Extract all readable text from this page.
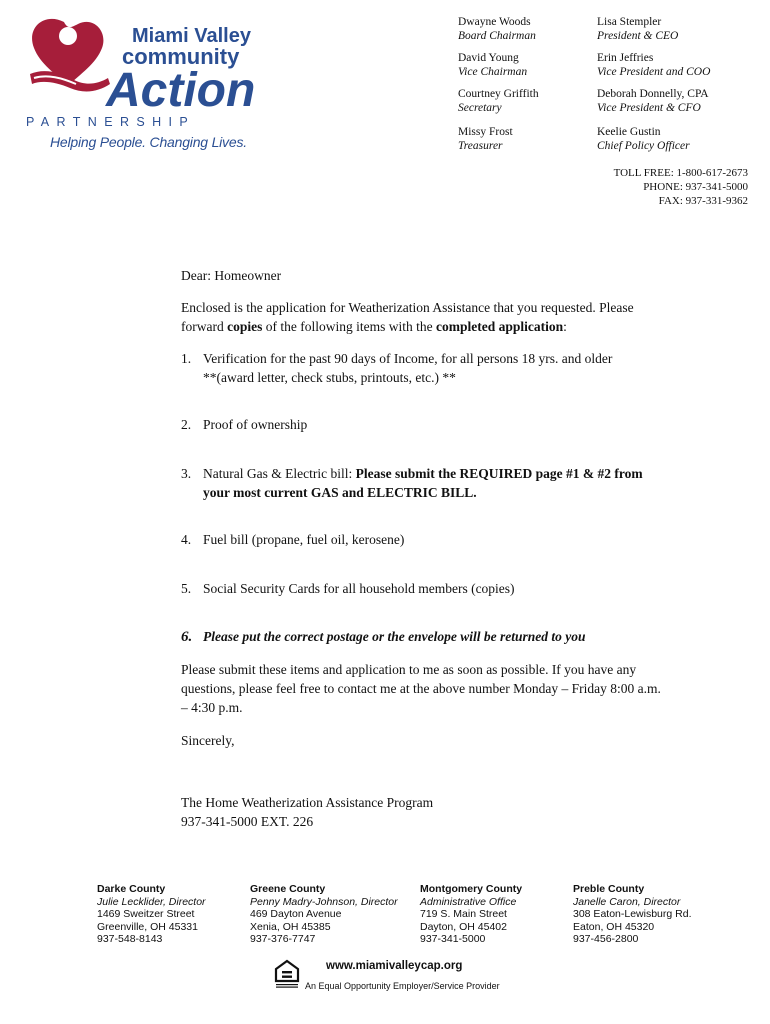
Miami Valley
community
Action
PARTNERSHIP
Helping People. Changing Lives.
Dwayne Woods
Board Chairman
Lisa Stempler
President & CEO
David Young
Vice Chairman
Erin Jeffries
Vice President and COO
Courtney Griffith
Secretary
Deborah Donnelly, CPA
Vice President & CFO
Missy Frost
Treasurer
Keelie Gustin
Chief Policy Officer
TOLL FREE: 1-800-617-2673
PHONE: 937-341-5000
FAX: 937-331-9362
Dear: Homeowner
Enclosed is the application for Weatherization Assistance that you requested. Please
forward copies of the following items with the completed application:
1. Verification for the past 90 days of Income, for all persons 18 yrs. and older
**(award letter, check stubs, printouts, etc.) **
2. Proof of ownership
3. Natural Gas & Electric bill: Please submit the REQUIRED page #1 & #2 from
your most current GAS and ELECTRIC BILL.
4. Fuel bill (propane, fuel oil, kerosene)
5. Social Security Cards for all household members (copies)
6. Please put the correct postage or the envelope will be returned to you
Please submit these items and application to me as soon as possible. If you have any
questions, please feel free to contact me at the above number Monday – Friday 8:00 a.m.
– 4:30 p.m.
Sincerely,
The Home Weatherization Assistance Program
937-341-5000 EXT. 226
Darke County
Julie Lecklider, Director
1469 Sweitzer Street
Greenville, OH 45331
937-548-8143
Greene County
Penny Madry-Johnson, Director
469 Dayton Avenue
Xenia, OH 45385
937-376-7747
Montgomery County
Administrative Office
719 S. Main Street
Dayton, OH 45402
937-341-5000
Preble County
Janelle Caron, Director
308 Eaton-Lewisburg Rd.
Eaton, OH 45320
937-456-2800
www.miamivalleycap.org
An Equal Opportunity Employer/Service Provider
